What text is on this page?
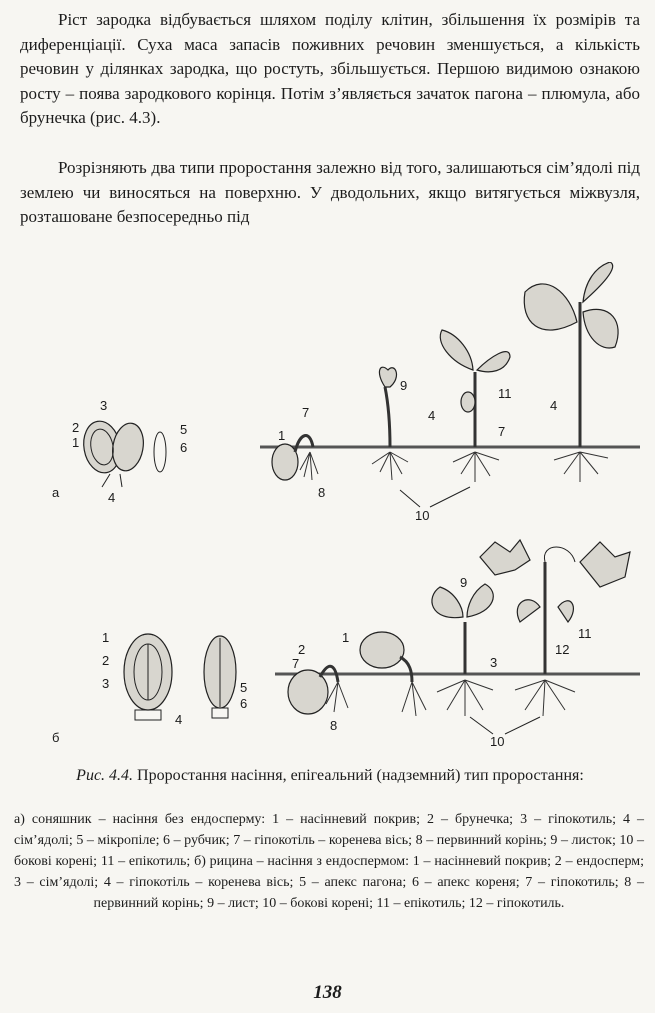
Ріст зародка відбувається шляхом поділу клітин, збільшення їх розмірів та диференціації. Суха маса запасів поживних речовин зменшується, а кількість речовин у ділянках зародка, що ростуть, збільшується. Першою видимою ознакою росту – поява зародкового корінця. Потім з’являється зачаток пагона – плюмула, або брунечка (рис. 4.3).

Розрізняють два типи проростання залежно від того, залишаються сім’ядолі під землею чи виносяться на поверхню. У дводольних, якщо витягується міжвузля, розташоване безпосередньо під

а
2
3
1
4
5
6
1
7
8
9
4
11
7
4
10
б
1
2
3
4
5
6
2
1
7
8
9
3
12
11
10
Рис. 4.4. Проростання насіння, епігеальний (надземний) тип проростання:
а) соняшник – насіння без ендосперму: 1 – насінневий покрив; 2 – брунечка; 3 – гіпокотиль; 4 – сім’ядолі; 5 – мікропіле; 6 – рубчик; 7 – гіпокотіль – коренева вісь; 8 – первинний корінь; 9 – листок; 10 – бокові корені; 11 – епікотиль; б) рицина – насіння з ендоспермом: 1 – насінневий покрив; 2 – ендосперм; 3 – сім’ядолі; 4 – гіпокотіль – коренева вісь; 5 – апекс пагона; 6 – апекс кореня; 7 – гіпокотиль; 8 – первинний корінь; 9 – лист; 10 – бокові корені; 11 – епікотиль; 12 – гіпокотиль.
138
